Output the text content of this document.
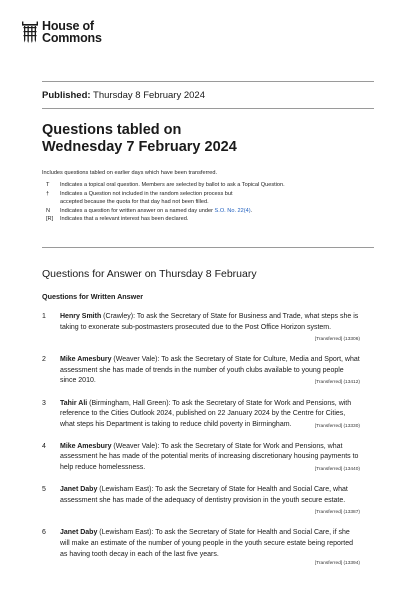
House of
Commons
Published: Thursday 8 February 2024
Questions tabled on
Wednesday 7 February 2024
Includes questions tabled on earlier days which have been transferred.
T	Indicates a topical oral question. Members are selected by ballot to ask a Topical Question.
†	Indicates a Question not included in the random selection process but
accepted because the quota for that day had not been filled.
N	Indicates a question for written answer on a named day under S.O. No. 22(4).
[R]	Indicates that a relevant interest has been declared.
Questions for Answer on Thursday 8 February
Questions for Written Answer
1	Henry Smith (Crawley): To ask the Secretary of State for Business and Trade, what steps she is taking to exonerate sub-postmasters prosecuted due to the Post Office Horizon system.
[Transferred] (13306)
2	Mike Amesbury (Weaver Vale): To ask the Secretary of State for Culture, Media and Sport, what assessment she has made of trends in the number of youth clubs available to young people since 2010.	[Transferred] (13412)
3	Tahir Ali (Birmingham, Hall Green): To ask the Secretary of State for Work and Pensions, with reference to the Cities Outlook 2024, published on 22 January 2024 by the Centre for Cities, what steps his Department is taking to reduce child poverty in Birmingham.	[Transferred] (13330)
4	Mike Amesbury (Weaver Vale): To ask the Secretary of State for Work and Pensions, what assessment he has made of the potential merits of increasing discretionary housing payments to help reduce homelessness.	[Transferred] (13440)
5	Janet Daby (Lewisham East): To ask the Secretary of State for Health and Social Care, what assessment she has made of the adequacy of dentistry provision in the youth secure estate.
[Transferred] (13387)
6	Janet Daby (Lewisham East): To ask the Secretary of State for Health and Social Care, if she will make an estimate of the number of young people in the youth secure estate being reported as having tooth decay in each of the last five years.
[Transferred] (13394)
